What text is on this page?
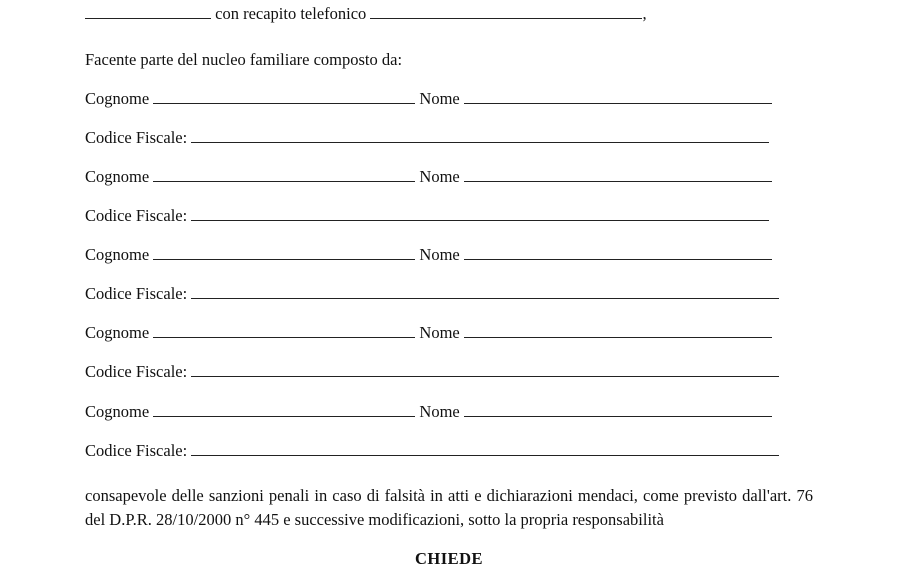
con recapito telefonico	,
Facente parte del nucleo familiare composto da:
Cognome	Nome
Codice Fiscale:
Cognome	Nome
Codice Fiscale:
Cognome	Nome
Codice Fiscale:
Cognome	Nome
Codice Fiscale:
Cognome	Nome
Codice Fiscale:
consapevole delle sanzioni penali in caso di falsità in atti e dichiarazioni mendaci, come previsto dall'art. 76 del D.P.R. 28/10/2000 n° 445 e successive modificazioni, sotto la propria responsabilità
CHIEDE
